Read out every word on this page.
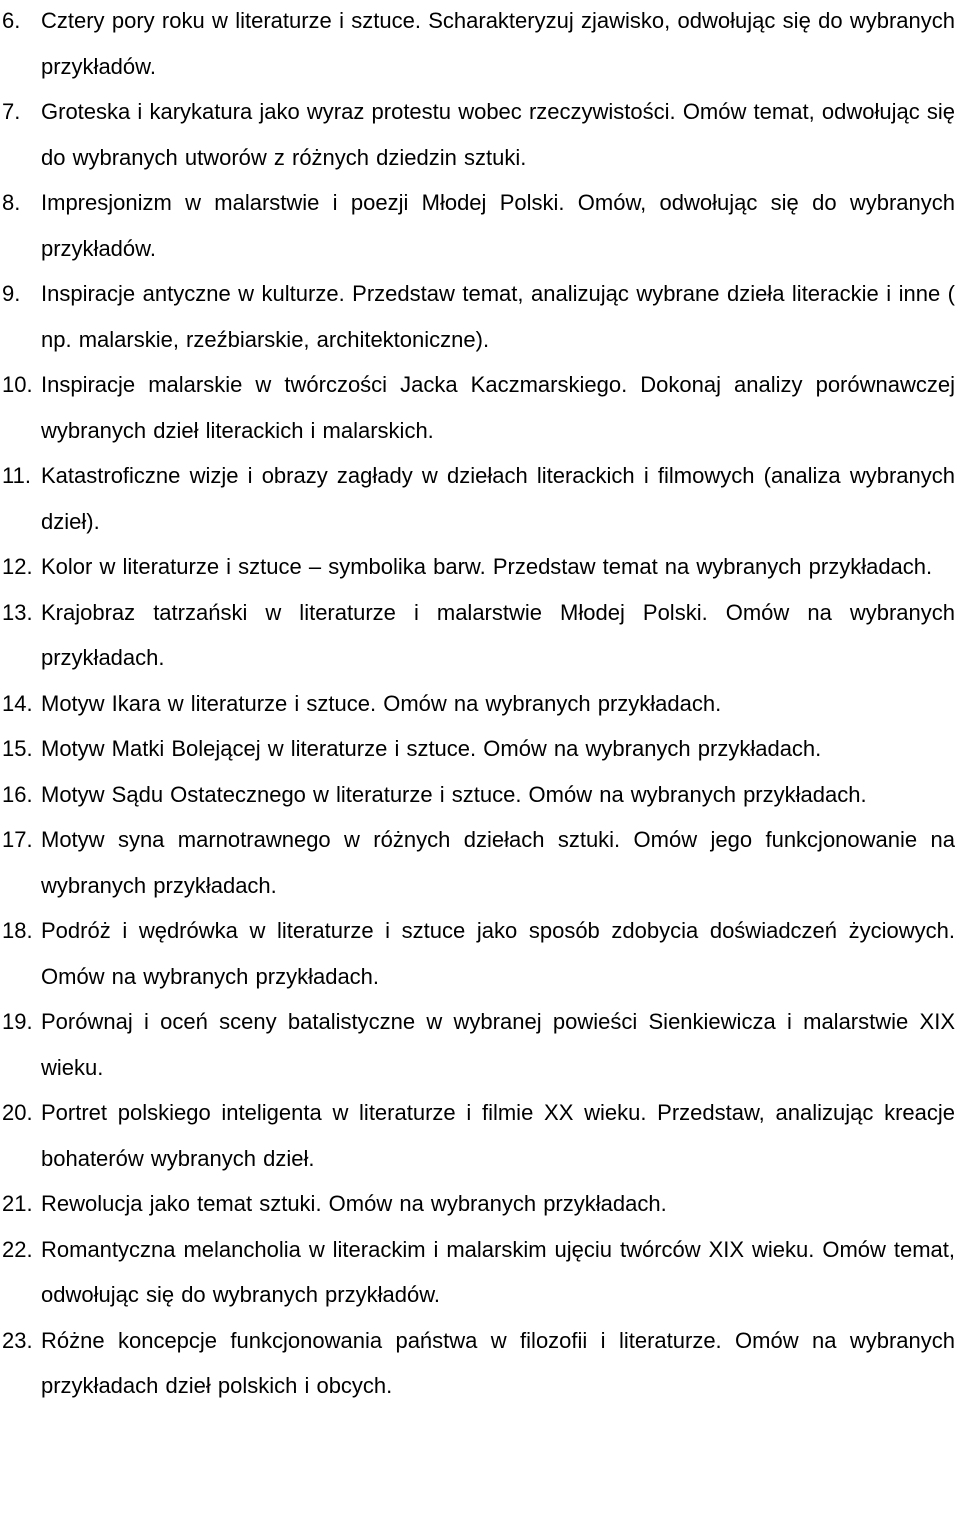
6. Cztery pory roku w literaturze i sztuce. Scharakteryzuj zjawisko, odwołując się do wybranych przykładów.
7. Groteska i karykatura jako wyraz protestu wobec rzeczywistości. Omów temat, odwołując się do wybranych utworów z różnych dziedzin sztuki.
8. Impresjonizm w malarstwie i poezji Młodej Polski. Omów, odwołując się do wybranych przykładów.
9. Inspiracje antyczne w kulturze. Przedstaw temat, analizując wybrane dzieła literackie i inne ( np. malarskie, rzeźbiarskie, architektoniczne).
10. Inspiracje malarskie w twórczości Jacka Kaczmarskiego. Dokonaj analizy porównawczej wybranych dzieł literackich i malarskich.
11. Katastroficzne wizje i obrazy zagłady w dziełach literackich i filmowych (analiza wybranych dzieł).
12. Kolor w literaturze i sztuce – symbolika barw. Przedstaw temat na wybranych przykładach.
13. Krajobraz tatrzański w literaturze i malarstwie Młodej Polski. Omów na wybranych przykładach.
14. Motyw Ikara w literaturze i sztuce. Omów na wybranych przykładach.
15. Motyw Matki Bolejącej w literaturze i sztuce. Omów na wybranych przykładach.
16. Motyw Sądu Ostatecznego w literaturze i sztuce. Omów na wybranych przykładach.
17. Motyw syna marnotrawnego w różnych dziełach sztuki. Omów jego funkcjonowanie na wybranych przykładach.
18. Podróż i wędrówka w literaturze i sztuce jako sposób zdobycia doświadczeń życiowych. Omów na wybranych przykładach.
19. Porównaj i oceń sceny batalistyczne w wybranej powieści Sienkiewicza i malarstwie XIX wieku.
20. Portret polskiego inteligenta w literaturze i filmie XX wieku. Przedstaw, analizując kreacje bohaterów wybranych dzieł.
21. Rewolucja jako temat sztuki. Omów na wybranych przykładach.
22. Romantyczna melancholia w literackim i malarskim ujęciu twórców XIX wieku. Omów temat, odwołując się do wybranych przykładów.
23. Różne koncepcje funkcjonowania państwa w filozofii i literaturze. Omów na wybranych przykładach dzieł polskich i obcych.
